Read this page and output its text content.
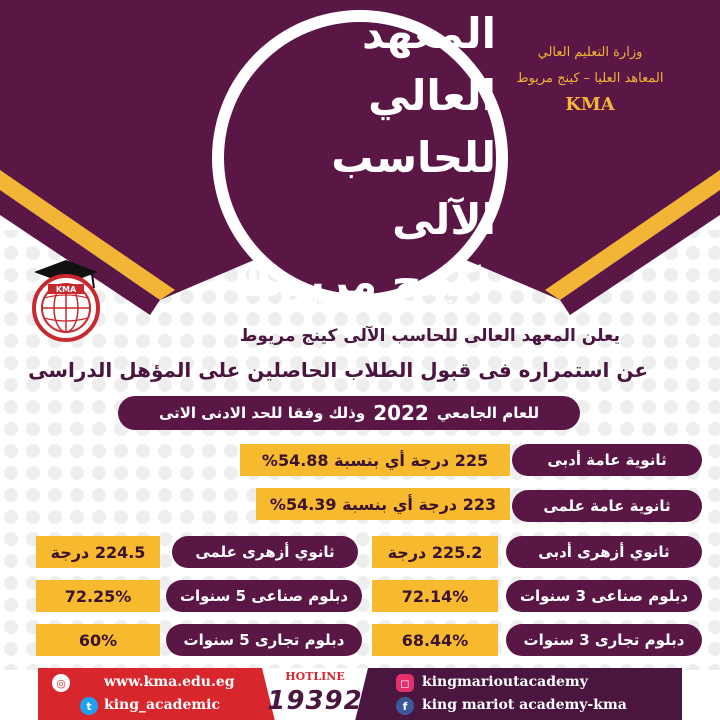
المعهد العالي
للحاسب الآلى
كينج مريوط
وزارة التعليم العالي
المعاهد العليا – كينج مريوط
KMA
KMA
يعلن المعهد العالى للحاسب الآلى كينج مريوط
عن استمراره فى قبول الطلاب الحاصلين على المؤهل الدراسى
للعام الجامعي
2022
وذلك وفقا للحد الادنى الاتى
225 درجة أي بنسبة 54.88%	ثانوية عامة أدبى
223 درجة أي بنسبة 54.39%	ثانوية عامة علمى
224.5 درجة	ثانوي أزهرى علمى	225.2 درجة	ثانوي أزهرى أدبى
72.25%	دبلوم صناعى 5 سنوات	72.14%	دبلوم صناعى 3 سنوات
60%	دبلوم تجارى 5 سنوات	68.44%	دبلوم تجارى 3 سنوات
◎	www.kma.edu.eg
t king_academic
HOTLINE
19392
◻ kingmarioutacademy
f	king mariot academy-kma
